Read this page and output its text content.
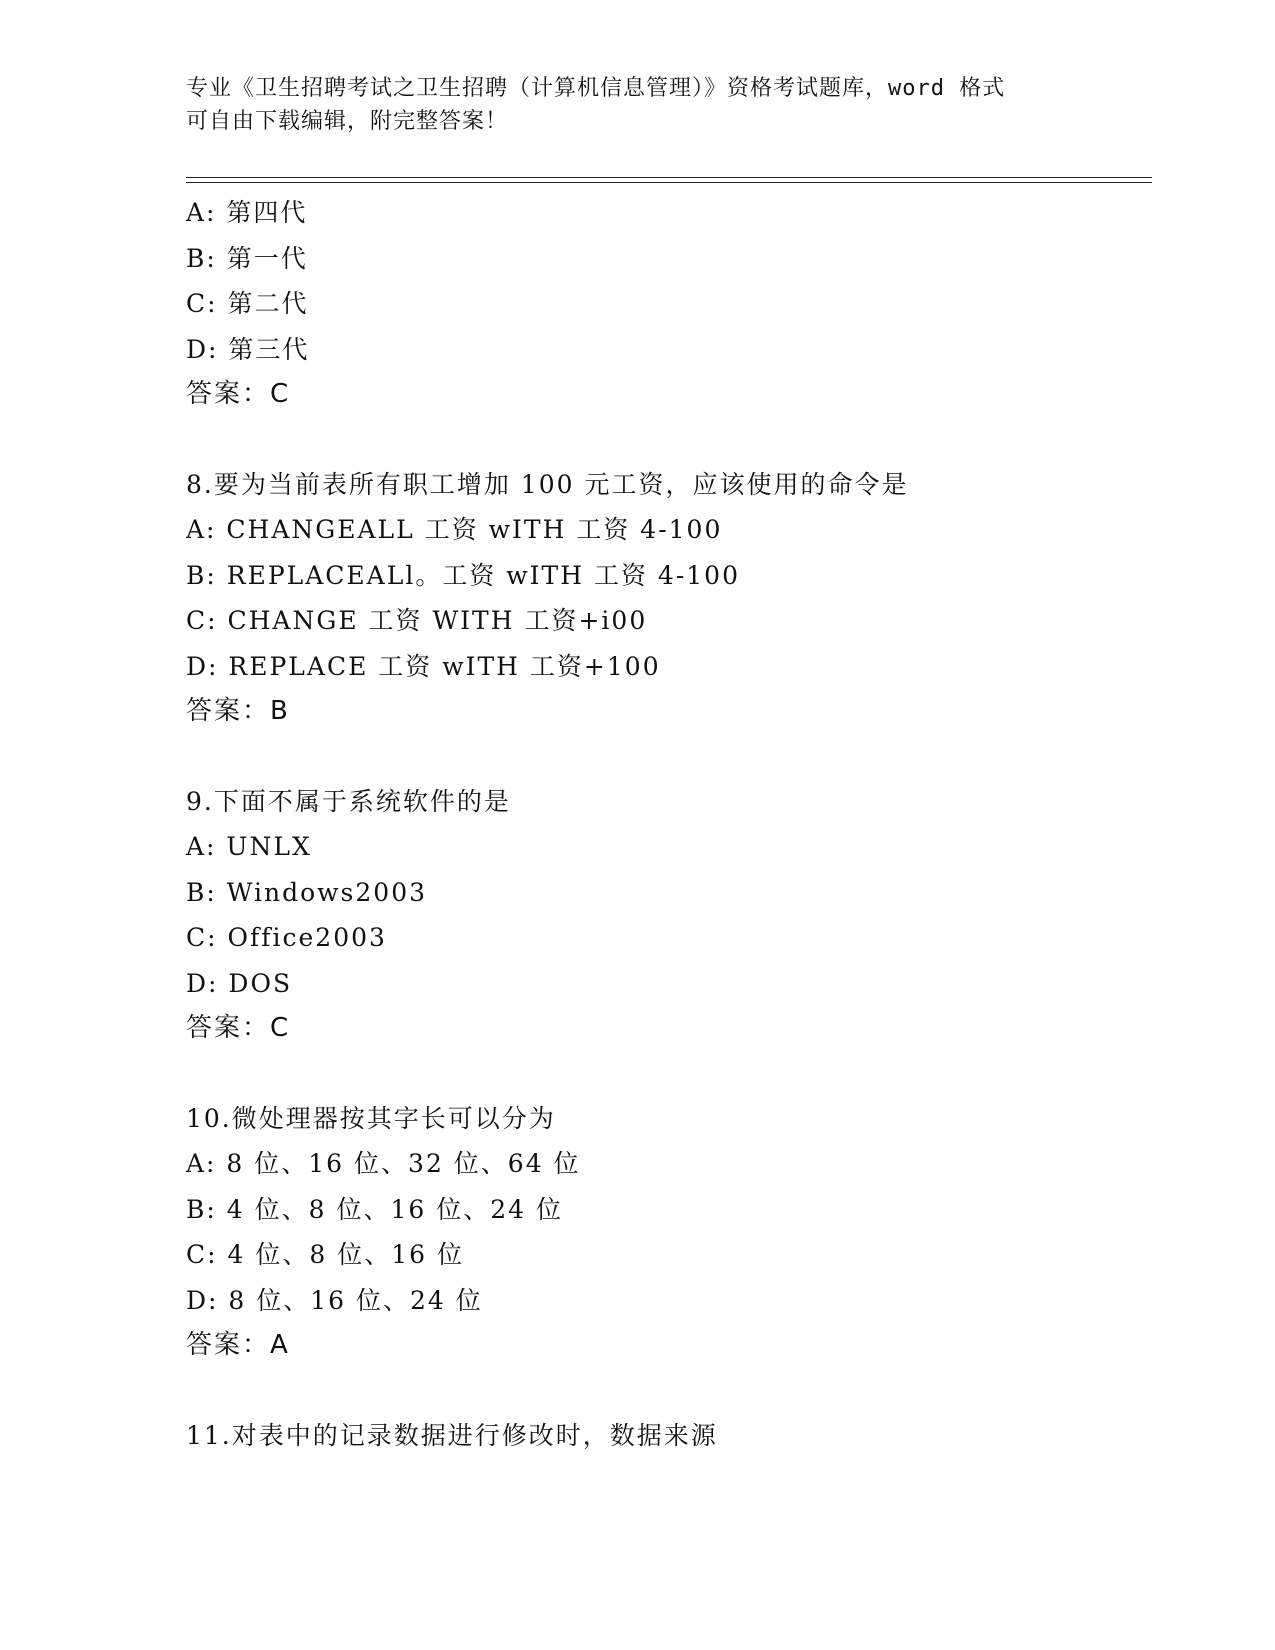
专业《卫生招聘考试之卫生招聘（计算机信息管理）》资格考试题库，word 格式
可自由下载编辑，附完整答案！
A: 第四代
B: 第一代
C: 第二代
D: 第三代
答案：C
8.要为当前表所有职工增加 100 元工资，应该使用的命令是
A: CHANGEALL 工资 wITH 工资 4-100
B: REPLACEALl。工资 wITH 工资 4-100
C: CHANGE 工资 WITH 工资+i00
D: REPLACE 工资 wITH 工资+100
答案：B
9.下面不属于系统软件的是
A: UNLX
B: Windows2003
C: Office2003
D: DOS
答案：C
10.微处理器按其字长可以分为
A: 8 位、16 位、32 位、64 位
B: 4 位、8 位、16 位、24 位
C: 4 位、8 位、16 位
D: 8 位、16 位、24 位
答案：A
11.对表中的记录数据进行修改时，数据来源
